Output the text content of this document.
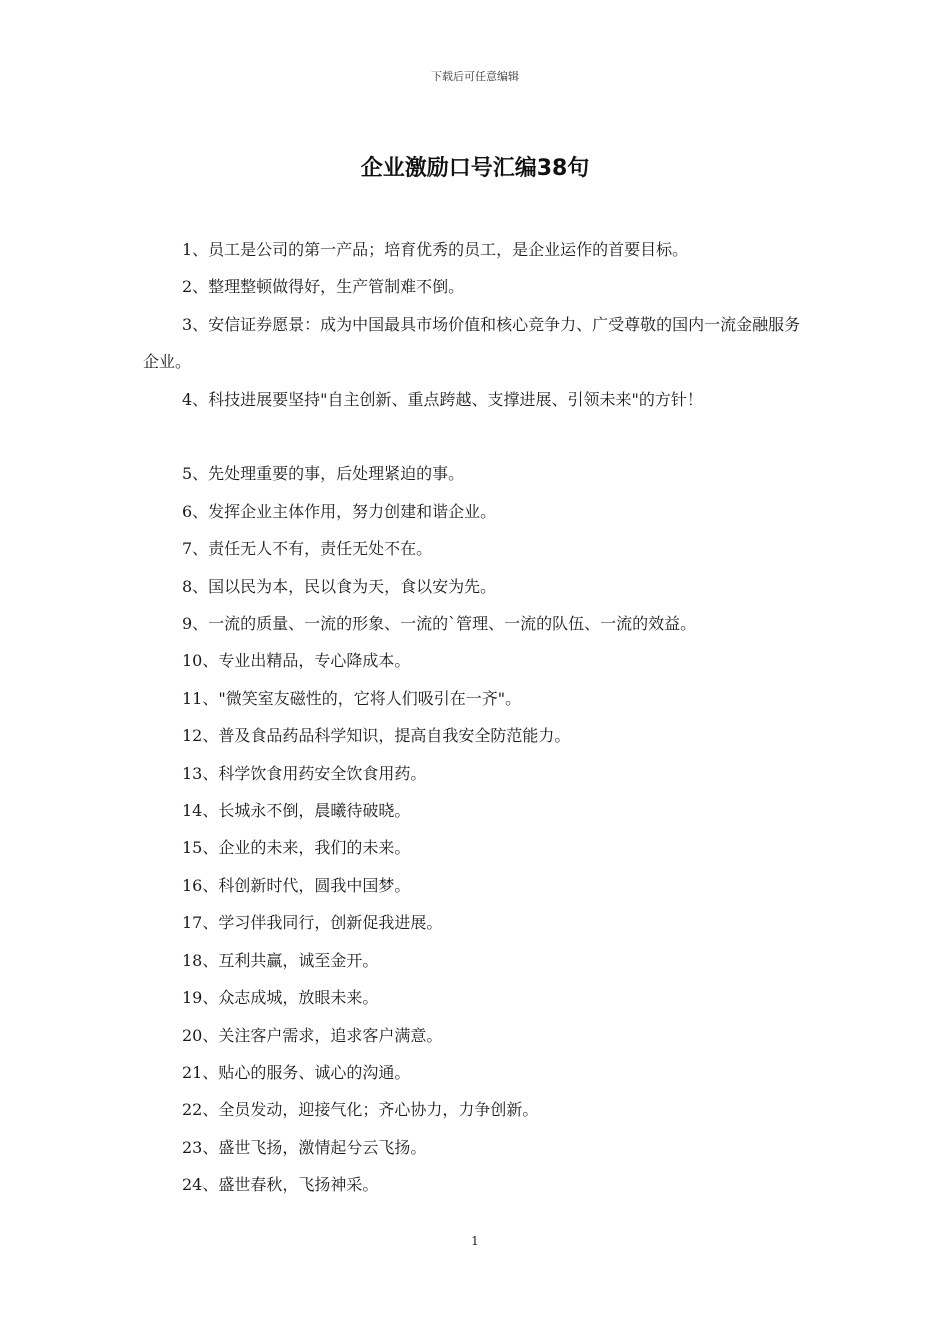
下载后可任意编辑
企业激励口号汇编38句

1、员工是公司的第一产品；培育优秀的员工，是企业运作的首要目标。

2、整理整顿做得好，生产管制难不倒。

3、安信证券愿景：成为中国最具市场价值和核心竞争力、广受尊敬的国内一流金融服务企业。

4、科技进展要坚持"自主创新、重点跨越、支撑进展、引领未来"的方针！

5、先处理重要的事，后处理紧迫的事。

6、发挥企业主体作用，努力创建和谐企业。

7、责任无人不有，责任无处不在。

8、国以民为本，民以食为天，食以安为先。

9、一流的质量、一流的形象、一流的`管理、一流的队伍、一流的效益。

10、专业出精品，专心降成本。

11、"微笑室友磁性的，它将人们吸引在一齐"。

12、普及食品药品科学知识，提高自我安全防范能力。

13、科学饮食用药安全饮食用药。

14、长城永不倒，晨曦待破晓。

15、企业的未来，我们的未来。

16、科创新时代，圆我中国梦。

17、学习伴我同行，创新促我进展。

18、互利共赢，诚至金开。

19、众志成城，放眼未来。

20、关注客户需求，追求客户满意。

21、贴心的服务、诚心的沟通。

22、全员发动，迎接气化；齐心协力，力争创新。

23、盛世飞扬，激情起兮云飞扬。

24、盛世春秋，飞扬神采。

1
